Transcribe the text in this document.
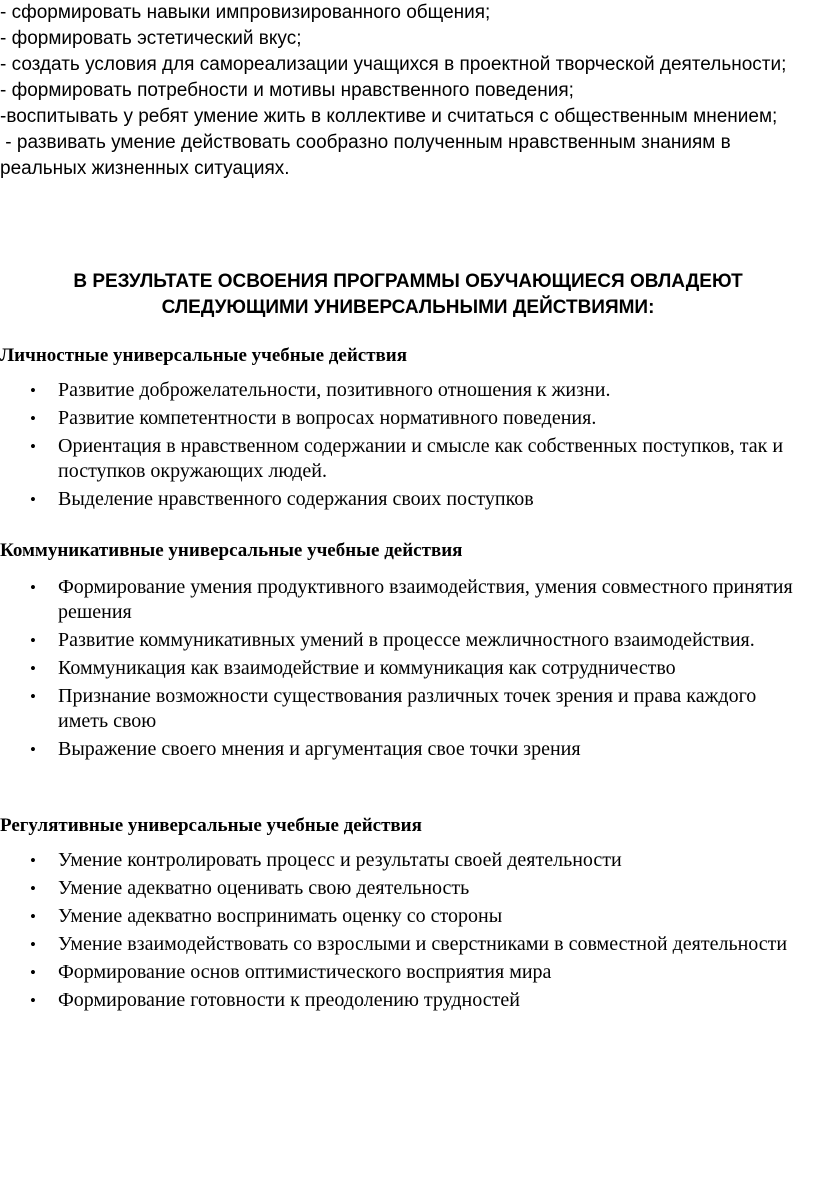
- сформировать навыки импровизированного общения;

- формировать эстетический вкус;

- создать условия для самореализации учащихся в проектной творческой деятельности;

- формировать потребности и мотивы нравственного поведения;

-воспитывать у ребят умение жить в коллективе и считаться с общественным мнением;

- развивать умение действовать сообразно полученным нравственным знаниям в реальных жизненных ситуациях.

В РЕЗУЛЬТАТЕ ОСВОЕНИЯ ПРОГРАММЫ ОБУЧАЮЩИЕСЯ ОВЛАДЕЮТ
СЛЕДУЮЩИМИ УНИВЕРСАЛЬНЫМИ ДЕЙСТВИЯМИ:
Личностные универсальные учебные действия
• Развитие доброжелательности, позитивного отношения к жизни.
• Развитие компетентности в вопросах нормативного поведения.
• Ориентация в нравственном содержании и смысле как собственных поступков, так и поступков окружающих людей.
• Выделение нравственного содержания своих поступков
Коммуникативные универсальные учебные действия
• Формирование умения продуктивного взаимодействия, умения совместного принятия решения
• Развитие коммуникативных умений в процессе межличностного взаимодействия.
• Коммуникация как взаимодействие и коммуникация как сотрудничество
• Признание возможности существования различных точек зрения и права каждого иметь свою
• Выражение своего мнения и аргументация свое точки зрения
Регулятивные универсальные учебные действия
• Умение контролировать процесс и результаты своей деятельности
• Умение адекватно оценивать свою деятельность
• Умение адекватно воспринимать оценку со стороны
• Умение взаимодействовать со взрослыми и сверстниками в совместной деятельности
• Формирование основ оптимистического восприятия мира
• Формирование готовности к преодолению трудностей
